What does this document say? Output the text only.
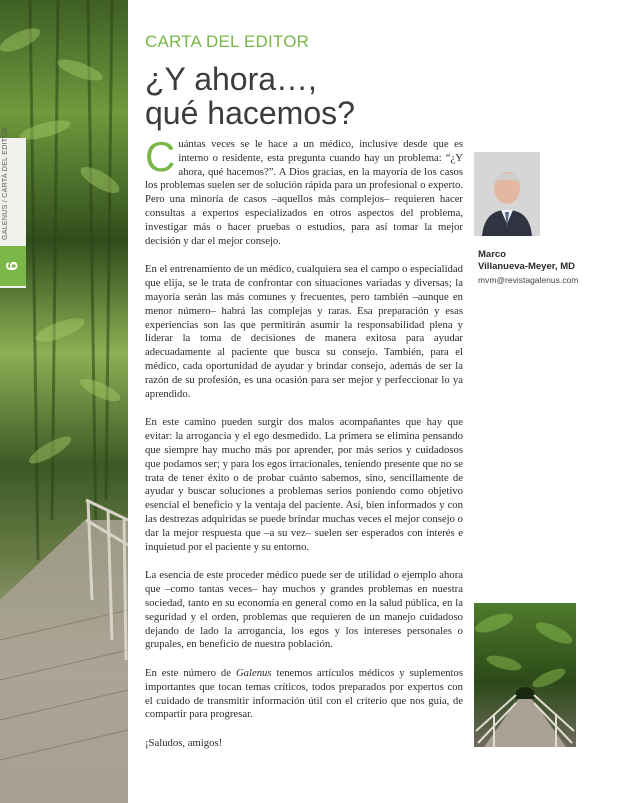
GALENUS / CARTA DEL EDITOR
6
CARTA DEL EDITOR
¿Y ahora…,
qué hacemos?

Cuántas veces se le hace a un médico, inclusive desde que es interno o residente, esta pregunta cuando hay un problema: “¿Y ahora, qué hacemos?”. A Dios gracias, en la mayoría de los casos los problemas suelen ser de solución rápida para un profesional o experto. Pero una minoría de casos –aquellos más complejos– requieren hacer consultas a expertos especializados en otros aspectos del problema, investigar más o hacer pruebas o estudios, para así tomar la mejor decisión y dar el mejor consejo.

En el entrenamiento de un médico, cualquiera sea el campo o especialidad que elija, se le trata de confrontar con situaciones variadas y diversas; la mayoría serán las más comunes y frecuentes, pero también –aunque en menor número– habrá las complejas y raras. Esa preparación y esas experiencias son las que permitirán asumir la responsabilidad plena y liderar la toma de decisiones de manera exitosa para ayudar adecuadamente al paciente que busca su consejo. También, para el médico, cada oportunidad de ayudar y brindar consejo, además de ser la razón de su profesión, es una ocasión para ser mejor y perfeccionar lo ya aprendido.

En este camino pueden surgir dos malos acompañantes que hay que evitar: la arrogancia y el ego desmedido. La primera se elimina pensando que siempre hay mucho más por aprender, por más serios y cuidadosos que podamos ser; y para los egos irracionales, teniendo presente que no se trata de tener éxito o de probar cuánto sabemos, sino, sencillamente de ayudar y buscar soluciones a problemas serios poniendo como objetivo esencial el beneficio y la ventaja del paciente. Así, bien informados y con las destrezas adquiridas se puede brindar muchas veces el mejor consejo o dar la mejor respuesta que –a su vez– suelen ser esperados con interés e inquietud por el paciente y su entorno.

La esencia de este proceder médico puede ser de utilidad o ejemplo ahora que –como tantas veces– hay muchos y grandes problemas en nuestra sociedad, tanto en su economía en general como en la salud pública, en la seguridad y el orden, problemas que requieren de un manejo cuidadoso dejando de lado la arrogancia, los egos y los intereses personales o grupales, en beneficio de nuestra población.

En este número de Galenus tenemos artículos médicos y suplementos importantes que tocan temas críticos, todos preparados por expertos con el cuidado de transmitir información útil con el criterio que nos guía, de compartir para progresar.

¡Saludos, amigos!

Marco
Villanueva-Meyer, MD
mvm@revistagalenus.com
